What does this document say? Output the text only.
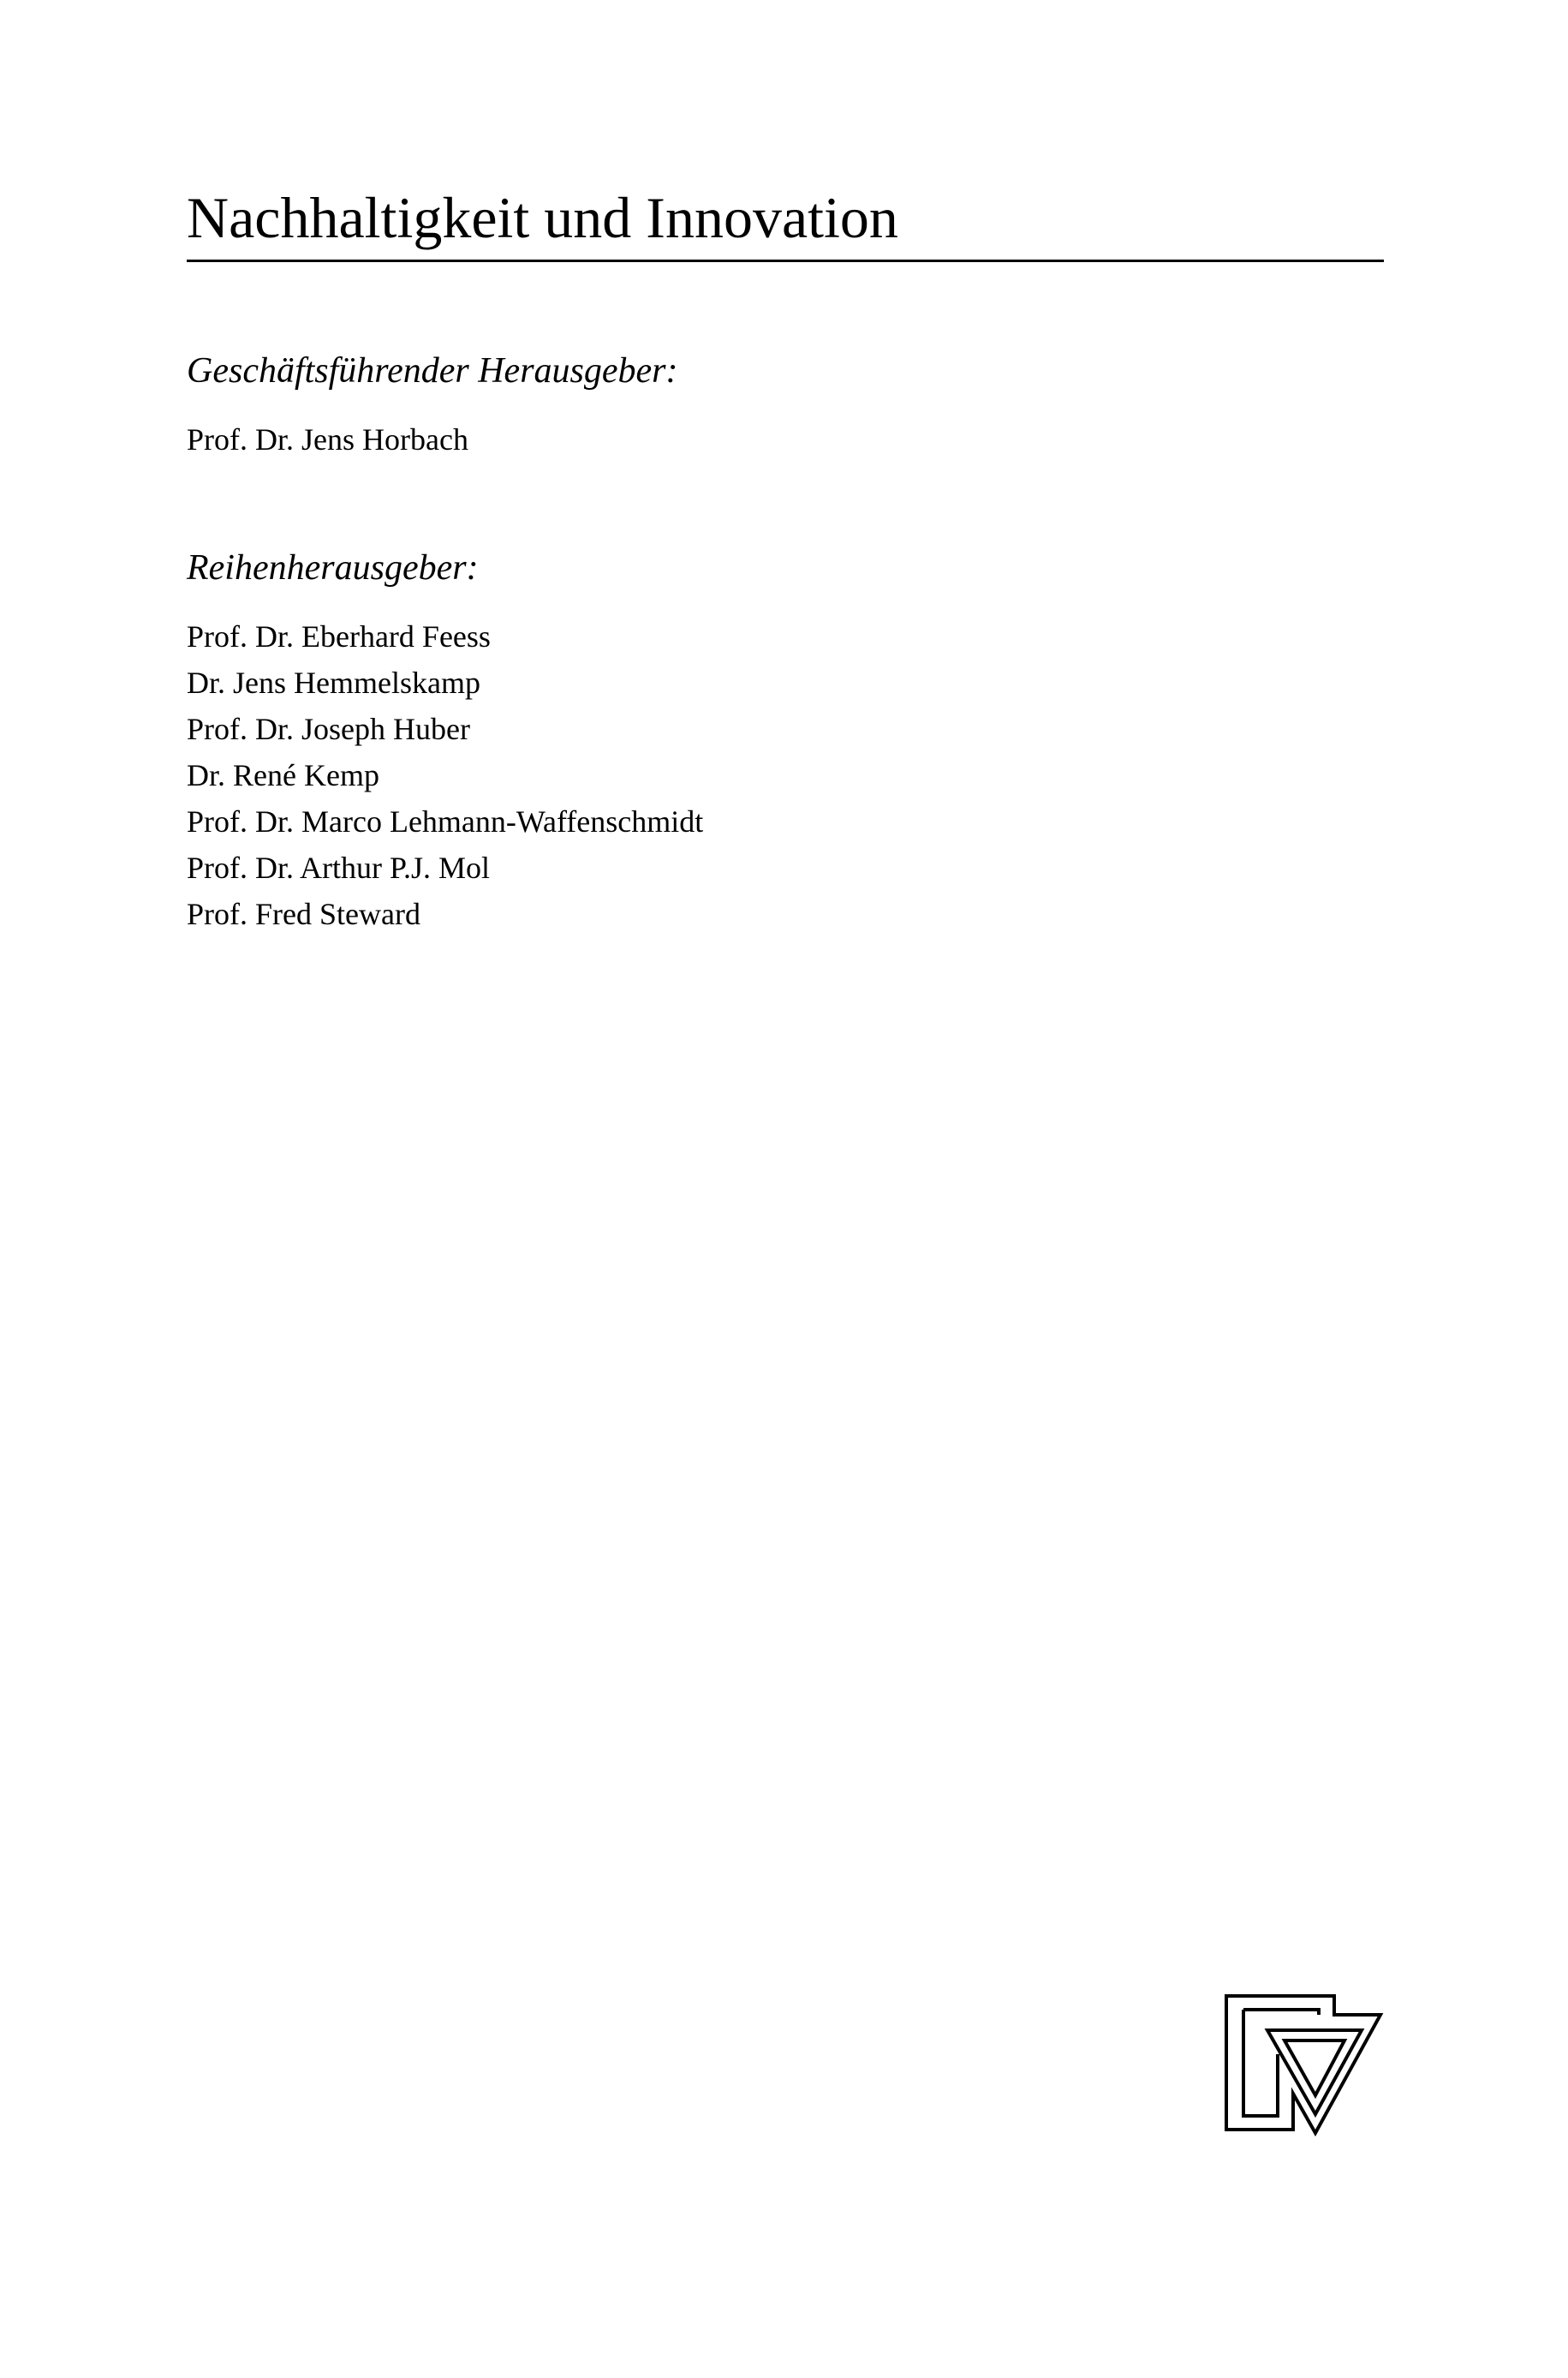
Nachhaltigkeit und Innovation
Geschäftsführender Herausgeber:
Prof. Dr. Jens Horbach
Reihenherausgeber:
Prof. Dr. Eberhard Feess
Dr. Jens Hemmelskamp
Prof. Dr. Joseph Huber
Dr. René Kemp
Prof. Dr. Marco Lehmann-Waffenschmidt
Prof. Dr. Arthur P.J. Mol
Prof. Fred Steward
